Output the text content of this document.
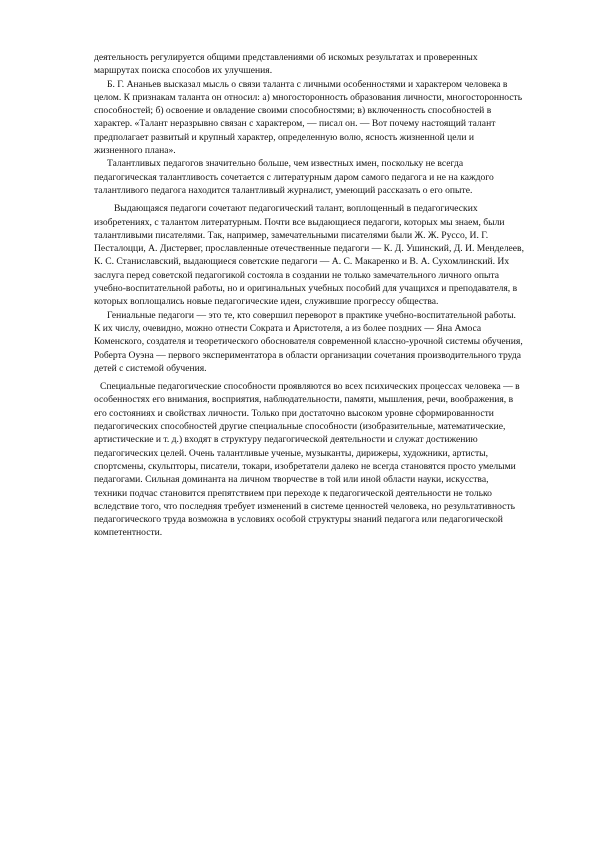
деятельность регулируется общими представлениями об искомых результатах и проверенных маршрутах поиска способов их улучшения.

Б. Г. Ананьев высказал мысль о связи таланта с личными особенностями и характером человека в целом. К признакам таланта он относил: а) многосторонность образования личности, многосторонность способностей; б) освоение и овладение своими способностями; в) включенность способностей в характер. «Талант неразрывно связан с характером, — писал он. — Вот почему настоящий талант предполагает развитый и крупный характер, определенную волю, ясность жизненной цели и жизненного плана».

Талантливых педагогов значительно больше, чем известных имен, поскольку не всегда педагогическая талантливость сочетается с литературным даром самого педагога и не на каждого талантливого педагога находится талантливый журналист, умеющий рассказать о его опыте.

Выдающаяся педагоги сочетают педагогический талант, воплощенный в педагогических изобретениях, с талантом литературным. Почти все выдающиеся педагоги, которых мы знаем, были талантливыми писателями. Так, например, замечательными писателями были Ж. Ж. Руссо, И. Г. Песталоцци, А. Дистервег, прославленные отечественные педагоги — К. Д. Ушинский, Д. И. Менделеев, К. С. Станиславский, выдающиеся советские педагоги — А. С. Макаренко и В. А. Сухомлинский. Их заслуга перед советской педагогикой состояла в создании не только замечательного личного опыта учебно-воспитательной работы, но и оригинальных учебных пособий для учащихся и преподавателя, в которых воплощались новые педагогические идеи, служившие прогрессу общества.

Гениальные педагоги — это те, кто совершил переворот в практике учебно-воспитательной работы. К их числу, очевидно, можно отнести Сократа и Аристотеля, а из более поздних — Яна Амоса Коменского, создателя и теоретического обоснователя современной классно-урочной системы обучения, Роберта Оуэна — первого экспериментатора в области организации сочетания производительного труда детей с системой обучения.

Специальные педагогические способности проявляются во всех психических процессах человека — в особенностях его внимания, восприятия, наблюдательности, памяти, мышления, речи, воображения, в его состояниях и свойствах личности. Только при достаточно высоком уровне сформированности педагогических способностей другие специальные способности (изобразительные, математические, артистические и т. д.) входят в структуру педагогической деятельности и служат достижению педагогических целей. Очень талантливые ученые, музыканты, дирижеры, художники, артисты, спортсмены, скульпторы, писатели, токари, изобретатели далеко не всегда становятся просто умелыми педагогами. Сильная доминанта на личном творчестве в той или иной области науки, искусства, техники подчас становится препятствием при переходе к педагогической деятельности не только вследствие того, что последняя требует изменений в системе ценностей человека, но результативность педагогического труда возможна в условиях особой структуры знаний педагога или педагогической компетентности.
